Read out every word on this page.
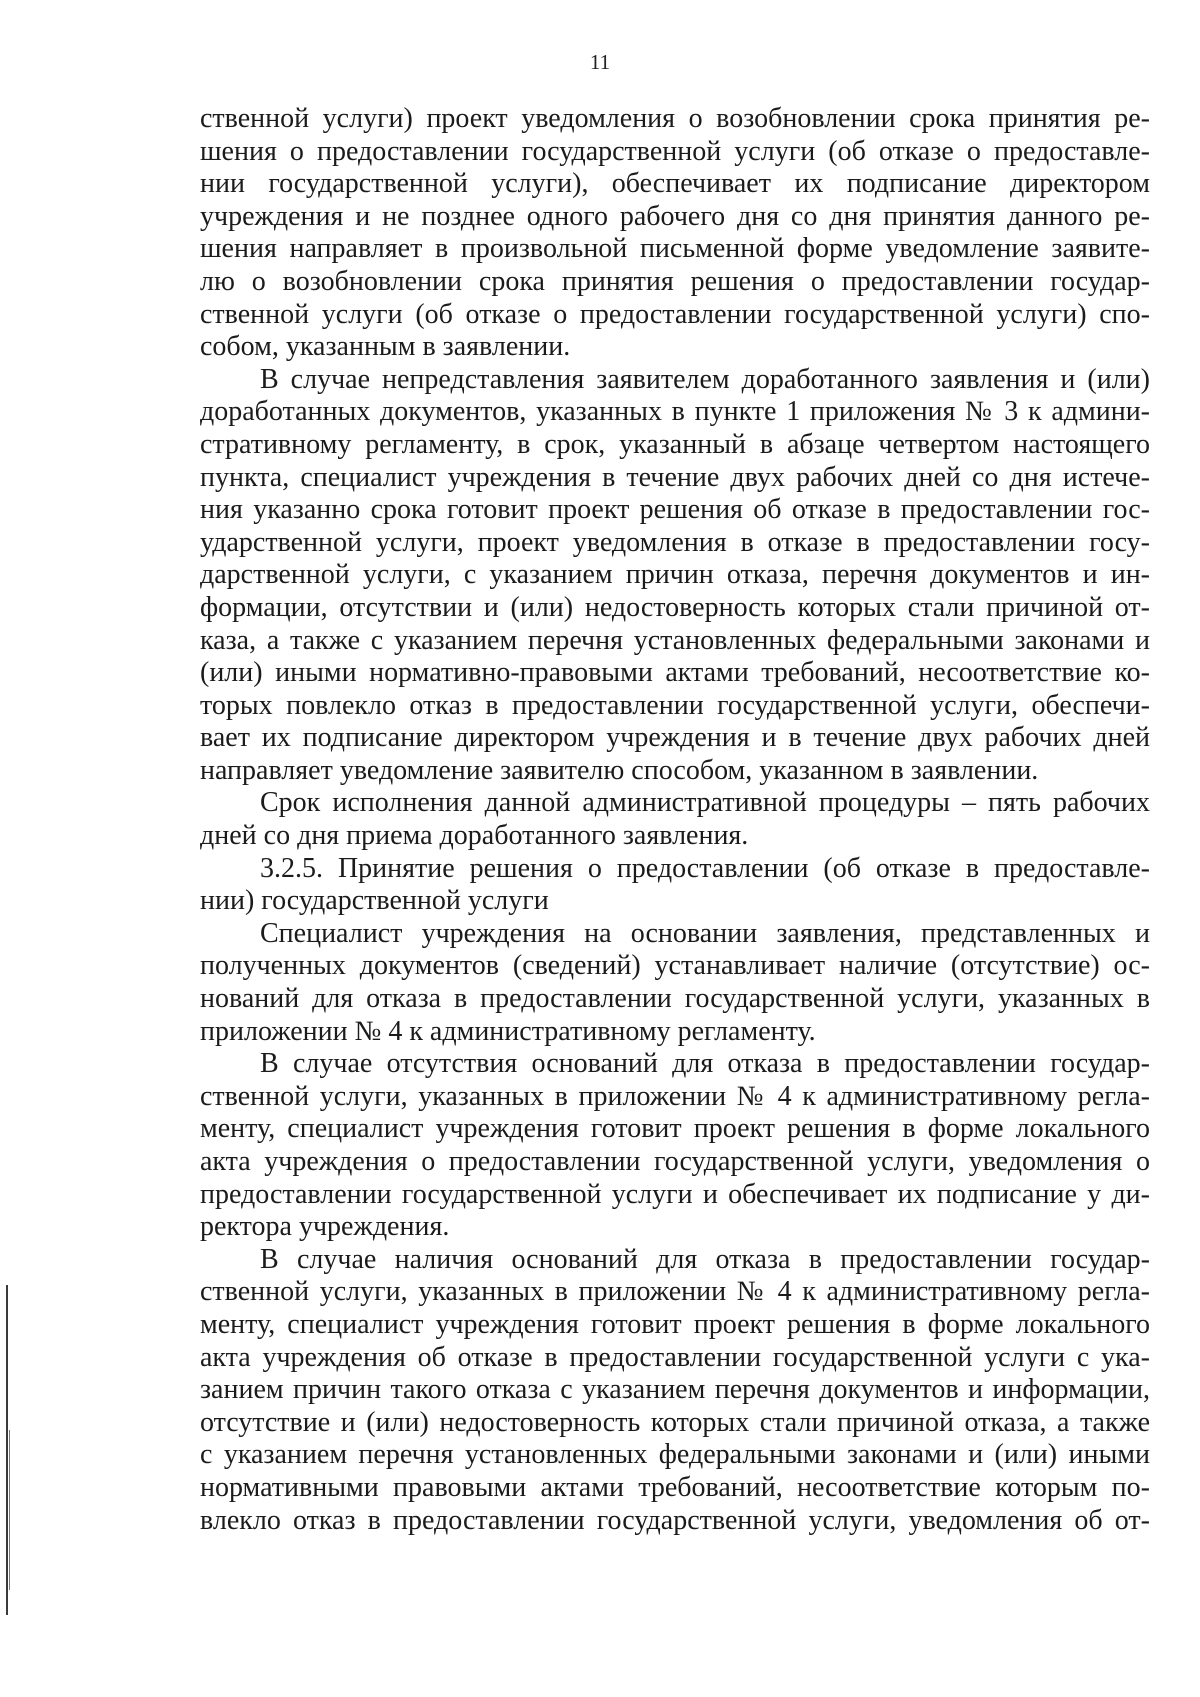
11
ственной услуги) проект уведомления о возобновлении срока принятия ре-
шения о предоставлении государственной услуги (об отказе о предоставле-
нии государственной услуги), обеспечивает их подписание директором
учреждения и не позднее одного рабочего дня со дня принятия данного ре-
шения направляет в произвольной письменной форме уведомление заявите-
лю о возобновлении срока принятия решения о предоставлении государ-
ственной услуги (об отказе о предоставлении государственной услуги) спо-
собом, указанным в заявлении.
В случае непредставления заявителем доработанного заявления и (или)
доработанных документов, указанных в пункте 1 приложения № 3 к админи-
стративному регламенту, в срок, указанный в абзаце четвертом настоящего
пункта, специалист учреждения в течение двух рабочих дней со дня истече-
ния указанно срока готовит проект решения об отказе в предоставлении гос-
ударственной услуги, проект уведомления в отказе в предоставлении госу-
дарственной услуги, с указанием причин отказа, перечня документов и ин-
формации, отсутствии и (или) недостоверность которых стали причиной от-
каза, а также с указанием перечня установленных федеральными законами и
(или) иными нормативно-правовыми актами требований, несоответствие ко-
торых повлекло отказ в предоставлении государственной услуги, обеспечи-
вает их подписание директором учреждения и в течение двух рабочих дней
направляет уведомление заявителю способом, указанном в заявлении.
Срок исполнения данной административной процедуры – пять рабочих
дней со дня приема доработанного заявления.
3.2.5. Принятие решения о предоставлении (об отказе в предоставле-
нии) государственной услуги
Специалист учреждения на основании заявления, представленных и
полученных документов (сведений) устанавливает наличие (отсутствие) ос-
нований для отказа в предоставлении государственной услуги, указанных в
приложении № 4 к административному регламенту.
В случае отсутствия оснований для отказа в предоставлении государ-
ственной услуги, указанных в приложении № 4 к административному регла-
менту, специалист учреждения готовит проект решения в форме локального
акта учреждения о предоставлении государственной услуги, уведомления о
предоставлении государственной услуги и обеспечивает их подписание у ди-
ректора учреждения.
В случае наличия оснований для отказа в предоставлении государ-
ственной услуги, указанных в приложении № 4 к административному регла-
менту, специалист учреждения готовит проект решения в форме локального
акта учреждения об отказе в предоставлении государственной услуги с ука-
занием причин такого отказа с указанием перечня документов и информации,
отсутствие и (или) недостоверность которых стали причиной отказа, а также
с указанием перечня установленных федеральными законами и (или) иными
нормативными правовыми актами требований, несоответствие которым по-
влекло отказ в предоставлении государственной услуги, уведомления об от-
